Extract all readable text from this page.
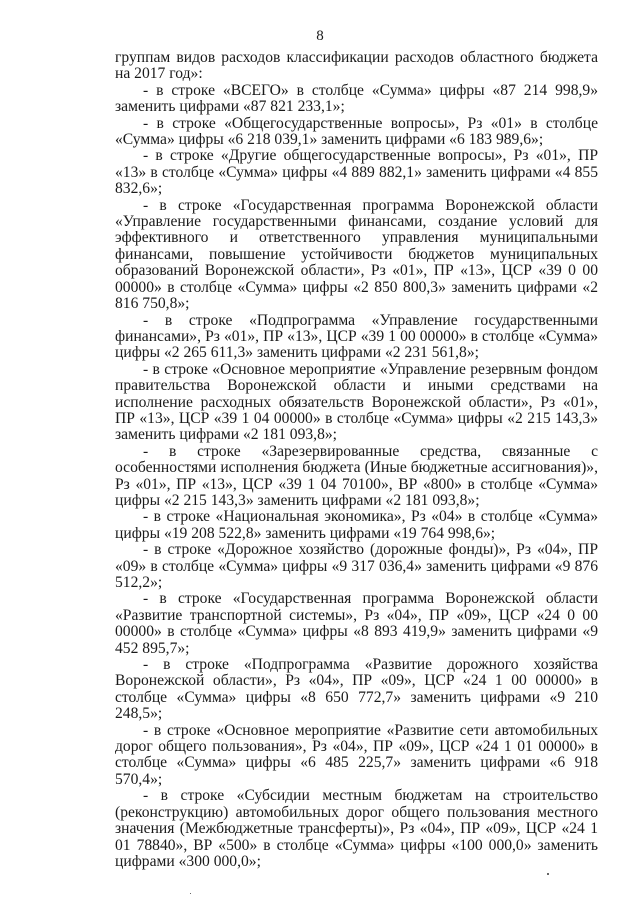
8

группам видов расходов классификации расходов областного бюджета на 2017 год»:

- в строке «ВСЕГО» в столбце «Сумма» цифры «87 214 998,9» заменить цифрами «87 821 233,1»;

- в строке «Общегосударственные вопросы», Рз «01» в столбце «Сумма» цифры «6 218 039,1» заменить цифрами «6 183 989,6»;

- в строке «Другие общегосударственные вопросы», Рз «01», ПР «13» в столбце «Сумма» цифры «4 889 882,1» заменить цифрами «4 855 832,6»;

- в строке «Государственная программа Воронежской области «Управление государственными финансами, создание условий для эффективного и ответственного управления муниципальными финансами, повышение устойчивости бюджетов муниципальных образований Воронежской области», Рз «01», ПР «13», ЦСР «39 0 00 00000» в столбце «Сумма» цифры «2 850 800,3» заменить цифрами «2 816 750,8»;

- в строке «Подпрограмма «Управление государственными финансами», Рз «01», ПР «13», ЦСР «39 1 00 00000» в столбце «Сумма» цифры «2 265 611,3» заменить цифрами «2 231 561,8»;

- в строке «Основное мероприятие «Управление резервным фондом правительства Воронежской области и иными средствами на исполнение расходных обязательств Воронежской области», Рз «01», ПР «13», ЦСР «39 1 04 00000» в столбце «Сумма» цифры «2 215 143,3» заменить цифрами «2 181 093,8»;

- в строке «Зарезервированные средства, связанные с особенностями исполнения бюджета (Иные бюджетные ассигнования)», Рз «01», ПР «13», ЦСР «39 1 04 70100», ВР «800» в столбце «Сумма» цифры «2 215 143,3» заменить цифрами «2 181 093,8»;

- в строке «Национальная экономика», Рз «04» в столбце «Сумма» цифры «19 208 522,8» заменить цифрами «19 764 998,6»;

- в строке «Дорожное хозяйство (дорожные фонды)», Рз «04», ПР «09» в столбце «Сумма» цифры «9 317 036,4» заменить цифрами «9 876 512,2»;

- в строке «Государственная программа Воронежской области «Развитие транспортной системы», Рз «04», ПР «09», ЦСР «24 0 00 00000» в столбце «Сумма» цифры «8 893 419,9» заменить цифрами «9 452 895,7»;

- в строке «Подпрограмма «Развитие дорожного хозяйства Воронежской области», Рз «04», ПР «09», ЦСР «24 1 00 00000» в столбце «Сумма» цифры «8 650 772,7» заменить цифрами «9 210 248,5»;

- в строке «Основное мероприятие «Развитие сети автомобильных дорог общего пользования», Рз «04», ПР «09», ЦСР «24 1 01 00000» в столбце «Сумма» цифры «6 485 225,7» заменить цифрами «6 918 570,4»;

- в строке «Субсидии местным бюджетам на строительство (реконструкцию) автомобильных дорог общего пользования местного значения (Межбюджетные трансферты)», Рз «04», ПР «09», ЦСР «24 1 01 78840», ВР «500» в столбце «Сумма» цифры «100 000,0» заменить цифрами «300 000,0»;
